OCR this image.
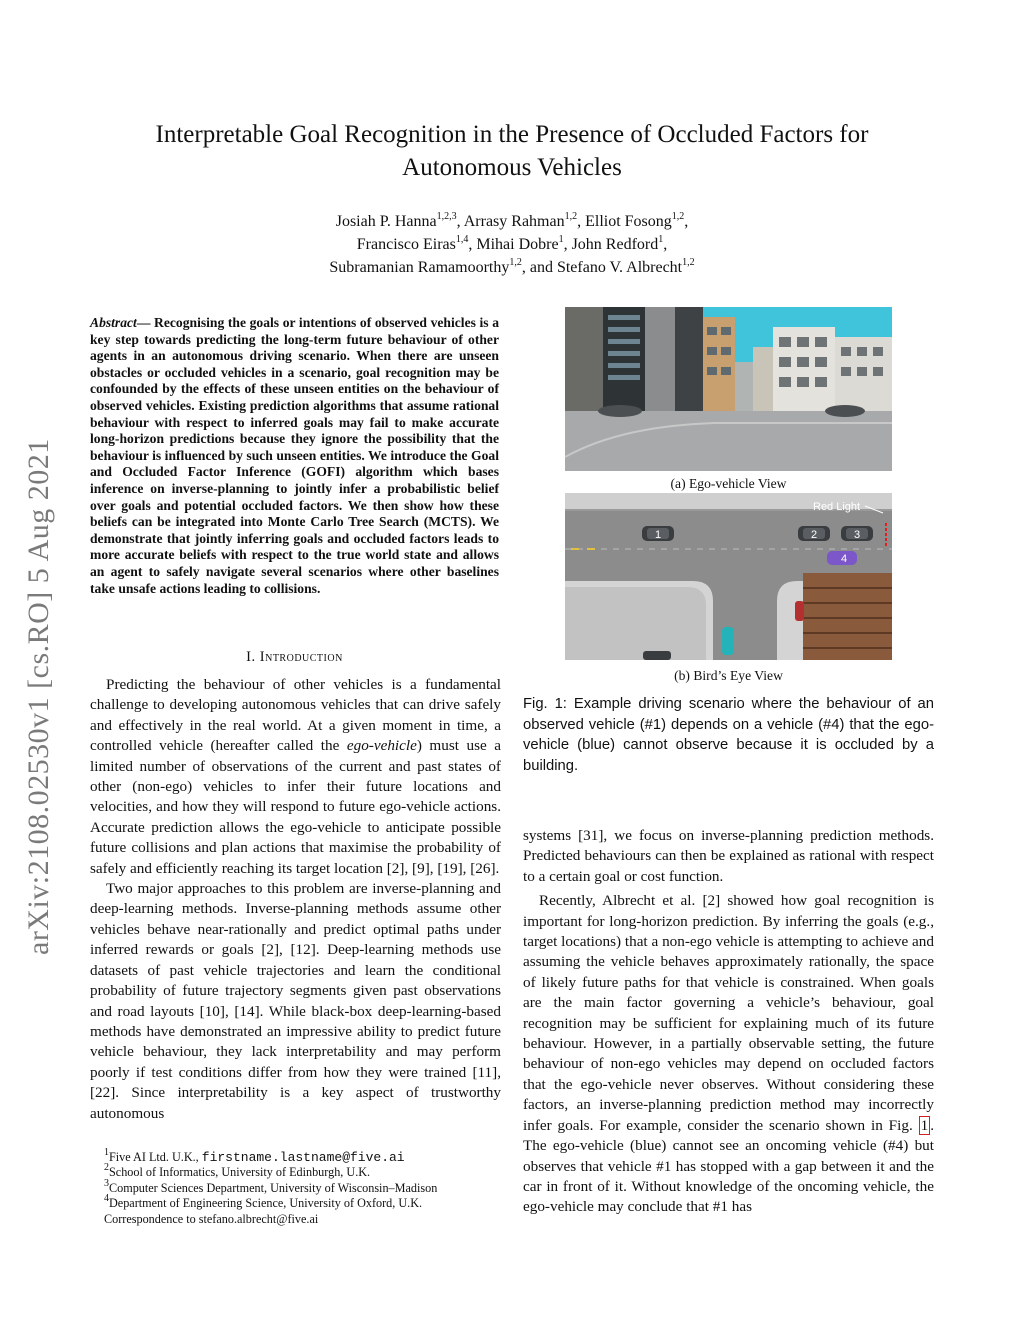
arXiv:2108.02530v1 [cs.RO] 5 Aug 2021
Interpretable Goal Recognition in the Presence of Occluded Factors for Autonomous Vehicles
Josiah P. Hanna$^{1,2,3}$, Arrasy Rahman$^{1,2}$, Elliot Fosong$^{1,2}$,
Francisco Eiras$^{1,4}$, Mihai Dobre$^1$, John Redford$^1$,
Subramanian Ramamoorthy$^{1,2}$, and Stefano V. Albrecht$^{1,2}$
Abstract— Recognising the goals or intentions of observed vehicles is a key step towards predicting the long-term future behaviour of other agents in an autonomous driving scenario. When there are unseen obstacles or occluded vehicles in a scenario, goal recognition may be confounded by the effects of these unseen entities on the behaviour of observed vehicles. Existing prediction algorithms that assume rational behaviour with respect to inferred goals may fail to make accurate long-horizon predictions because they ignore the possibility that the behaviour is influenced by such unseen entities. We introduce the Goal and Occluded Factor Inference (GOFI) algorithm which bases inference on inverse-planning to jointly infer a probabilistic belief over goals and potential occluded factors. We then show how these beliefs can be integrated into Monte Carlo Tree Search (MCTS). We demonstrate that jointly inferring goals and occluded factors leads to more accurate beliefs with respect to the true world state and allows an agent to safely navigate several scenarios where other baselines take unsafe actions leading to collisions.
I. Introduction

Predicting the behaviour of other vehicles is a fundamental challenge to developing autonomous vehicles that can drive safely and effectively in the real world. At a given moment in time, a controlled vehicle (hereafter called the ego-vehicle) must use a limited number of observations of the current and past states of other (non-ego) vehicles to infer their future locations and velocities, and how they will respond to future ego-vehicle actions. Accurate prediction allows the ego-vehicle to anticipate possible future collisions and plan actions that maximise the probability of safely and efficiently reaching its target location [2], [9], [19], [26].

Two major approaches to this problem are inverse-planning and deep-learning methods. Inverse-planning methods assume other vehicles behave near-rationally and predict optimal paths under inferred rewards or goals [2], [12]. Deep-learning methods use datasets of past vehicle trajectories and learn the conditional probability of future trajectory segments given past observations and road layouts [10], [14]. While black-box deep-learning-based methods have demonstrated an impressive ability to predict future vehicle behaviour, they lack interpretability and may perform poorly if test conditions differ from how they were trained [11], [22]. Since interpretability is a key aspect of trustworthy autonomous

$^1$Five AI Ltd. U.K., firstname.lastname@five.ai
$^2$School of Informatics, University of Edinburgh, U.K.
$^3$Computer Sciences Department, University of Wisconsin–Madison
$^4$Department of Engineering Science, University of Oxford, U.K.
Correspondence to stefano.albrecht@five.ai
(a) Ego-vehicle View
1	2	3
4
Red Light
(b) Bird’s Eye View
Fig. 1: Example driving scenario where the behaviour of an observed vehicle (#1) depends on a vehicle (#4) that the ego-vehicle (blue) cannot observe because it is occluded by a building.

systems [31], we focus on inverse-planning prediction methods. Predicted behaviours can then be explained as rational with respect to a certain goal or cost function.

Recently, Albrecht et al. [2] showed how goal recognition is important for long-horizon prediction. By inferring the goals (e.g., target locations) that a non-ego vehicle is attempting to achieve and assuming the vehicle behaves approximately rationally, the space of likely future paths for that vehicle is constrained. When goals are the main factor governing a vehicle’s behaviour, goal recognition may be sufficient for explaining much of its future behaviour. However, in a partially observable setting, the future behaviour of non-ego vehicles may depend on occluded factors that the ego-vehicle never observes. Without considering these factors, an inverse-planning prediction method may incorrectly infer goals. For example, consider the scenario shown in Fig. 1 . The ego-vehicle (blue) cannot see an oncoming vehicle (#4) but observes that vehicle #1 has stopped with a gap between it and the car in front of it. Without knowledge of the oncoming vehicle, the ego-vehicle may conclude that #1 has
